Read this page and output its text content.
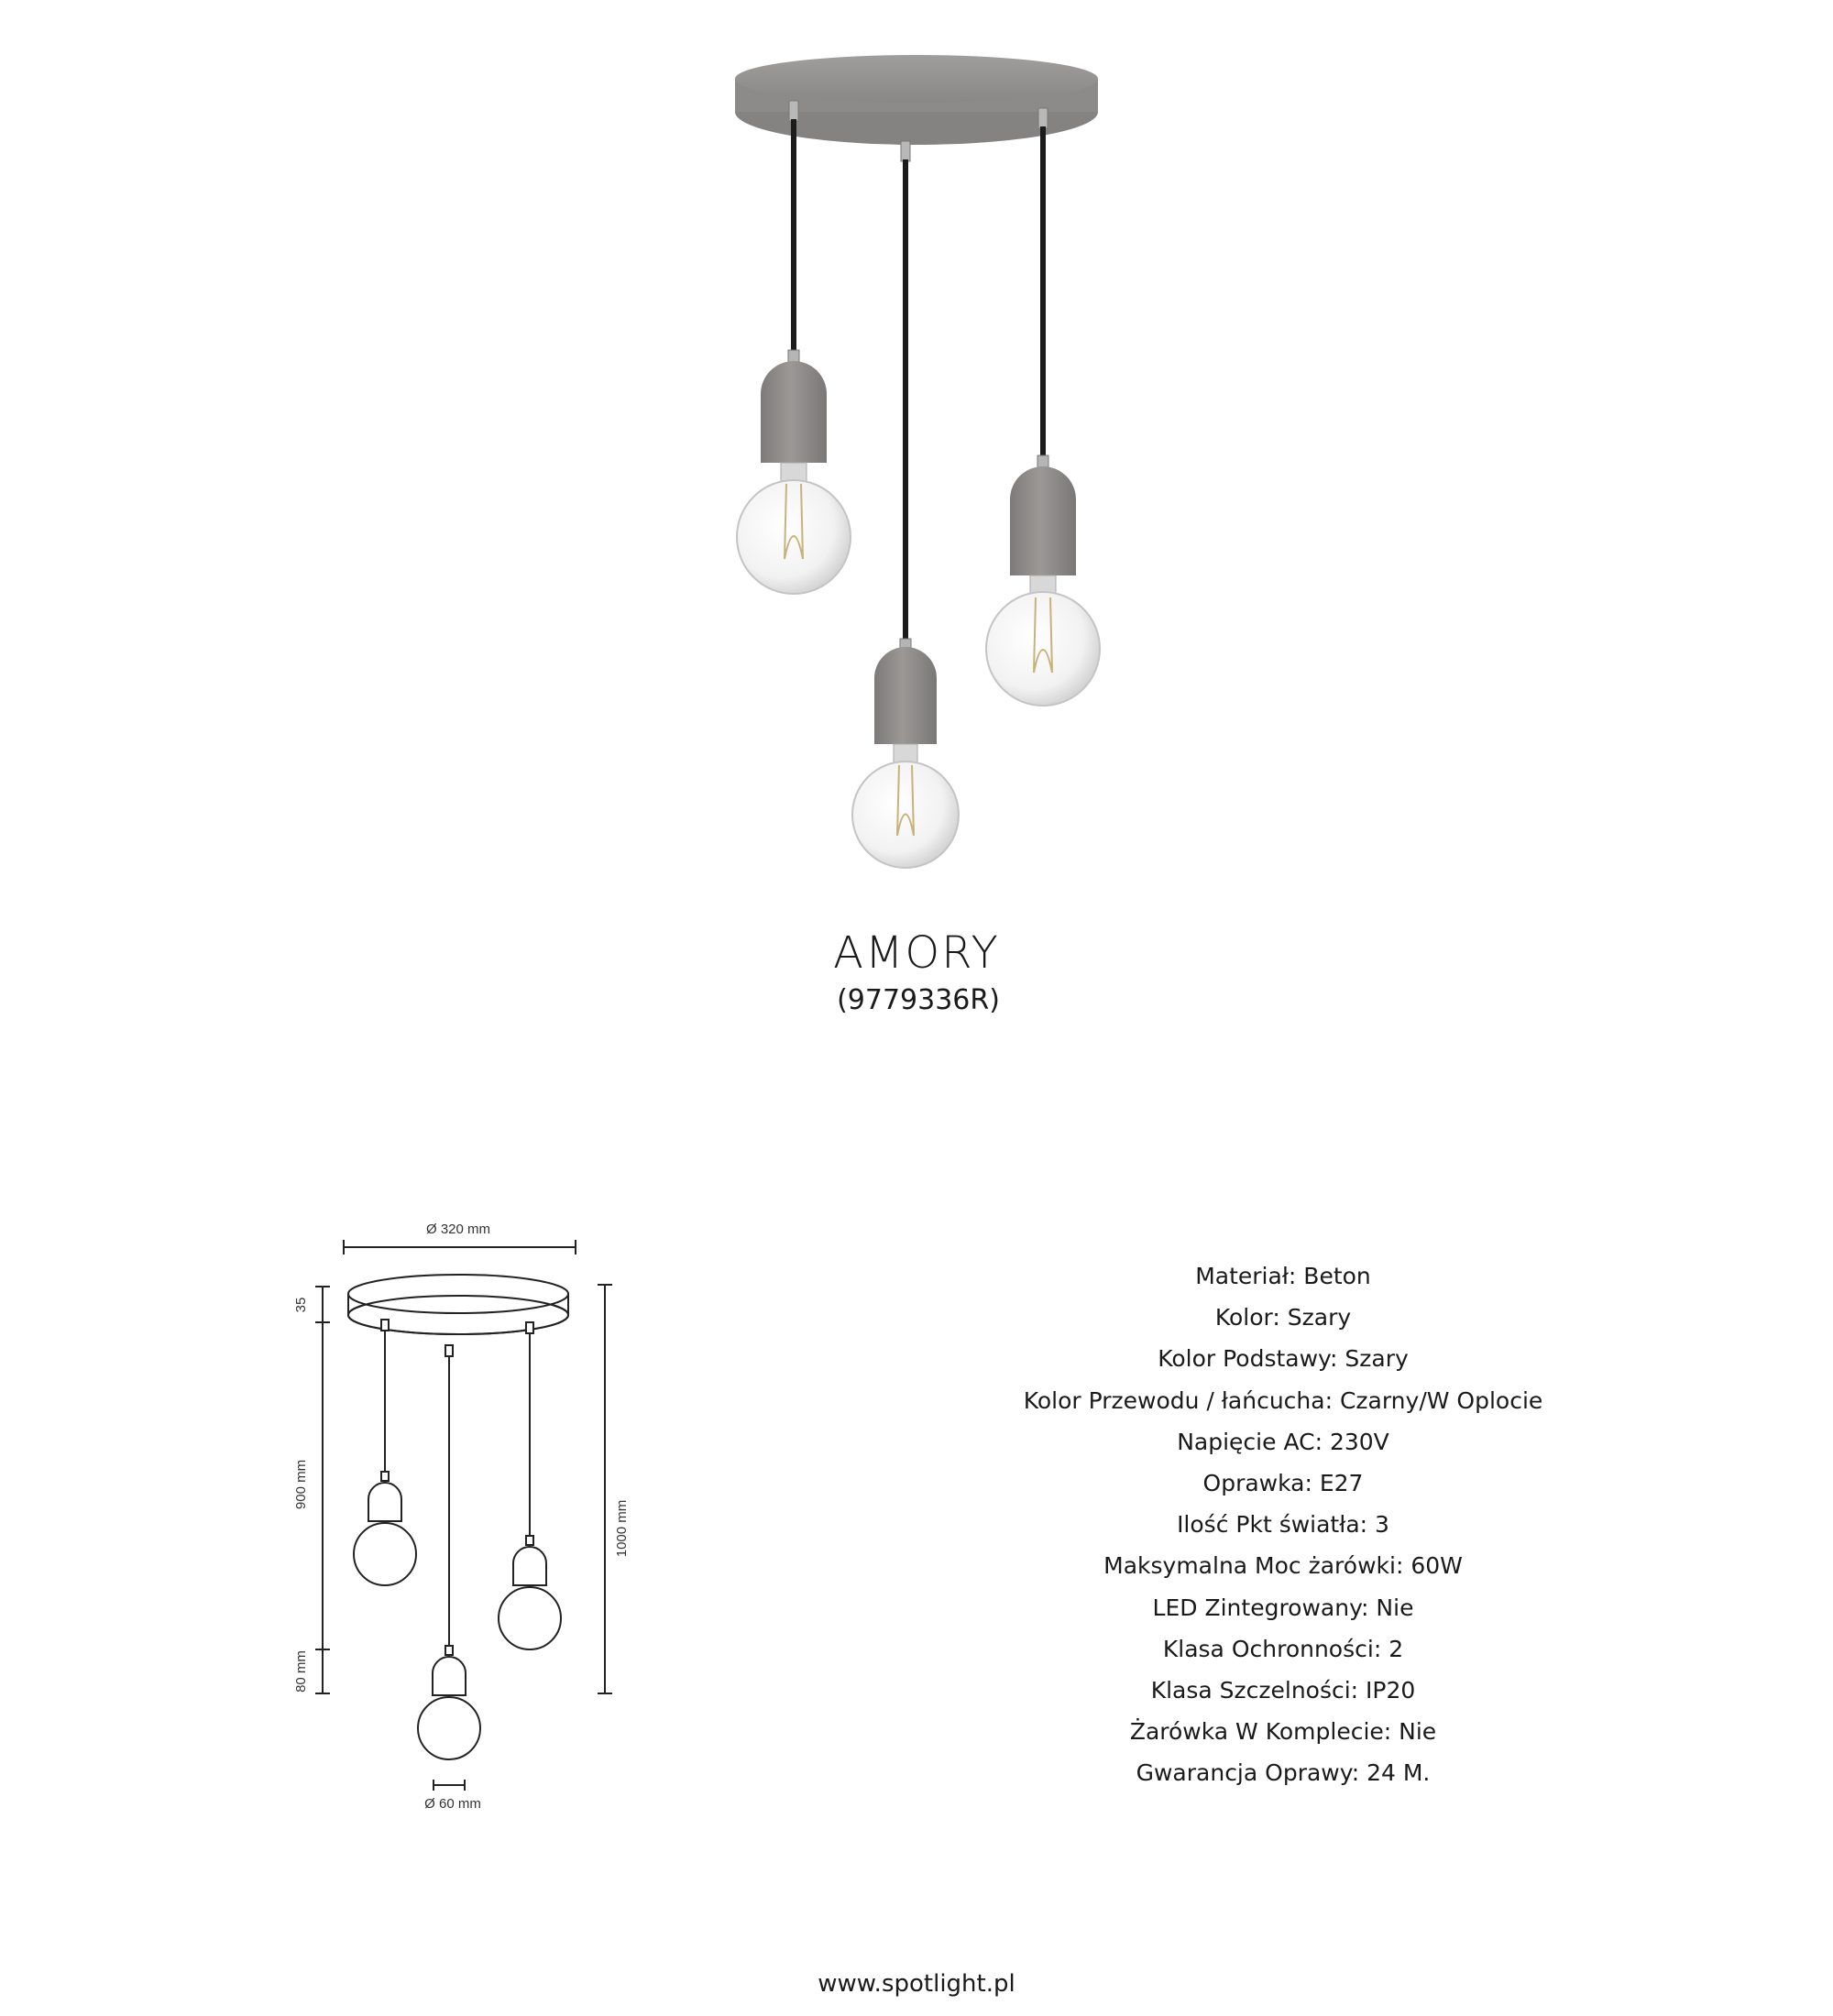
AMORY
(9779336R)
Ø 320 mm
35
900 mm
80 mm
1000 mm
Ø 60 mm
Materiał: Beton
Kolor: Szary
Kolor Podstawy: Szary
Kolor Przewodu / łańcucha: Czarny/W Oplocie
Napięcie AC: 230V
Oprawka: E27
Ilość Pkt światła: 3
Maksymalna Moc żarówki: 60W
LED Zintegrowany: Nie
Klasa Ochronności: 2
Klasa Szczelności: IP20
Żarówka W Komplecie: Nie
Gwarancja Oprawy: 24 M.
www.spotlight.pl
